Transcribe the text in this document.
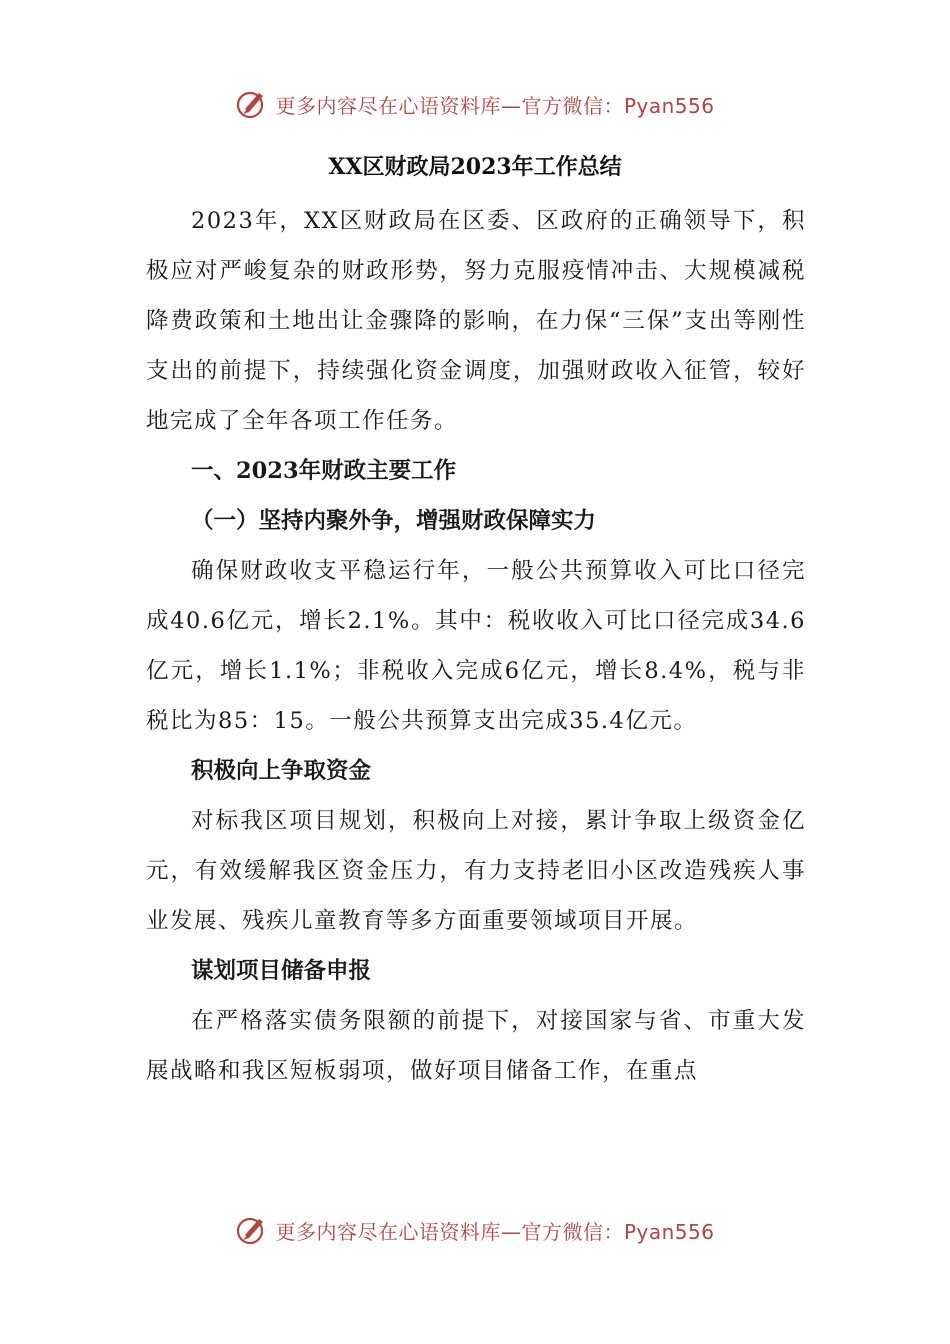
更多内容尽在心语资料库—官方微信：Pyan556
XX区财政局2023年工作总结

2023年，XX区财政局在区委、区政府的正确领导下，积极应对严峻复杂的财政形势，努力克服疫情冲击、大规模减税降费政策和土地出让金骤降的影响，在力保“三保”支出等刚性支出的前提下，持续强化资金调度，加强财政收入征管，较好地完成了全年各项工作任务。

一、2023年财政主要工作

（一）坚持内聚外争，增强财政保障实力

确保财政收支平稳运行年，一般公共预算收入可比口径完成40.6亿元，增长2.1%。其中：税收收入可比口径完成34.6亿元，增长1.1%；非税收入完成6亿元，增长8.4%，税与非税比为85：15。一般公共预算支出完成35.4亿元。

积极向上争取资金

对标我区项目规划，积极向上对接，累计争取上级资金亿元，有效缓解我区资金压力，有力支持老旧小区改造残疾人事业发展、残疾儿童教育等多方面重要领域项目开展。

谋划项目储备申报

在严格落实债务限额的前提下，对接国家与省、市重大发展战略和我区短板弱项，做好项目储备工作，在重点

更多内容尽在心语资料库—官方微信：Pyan556
